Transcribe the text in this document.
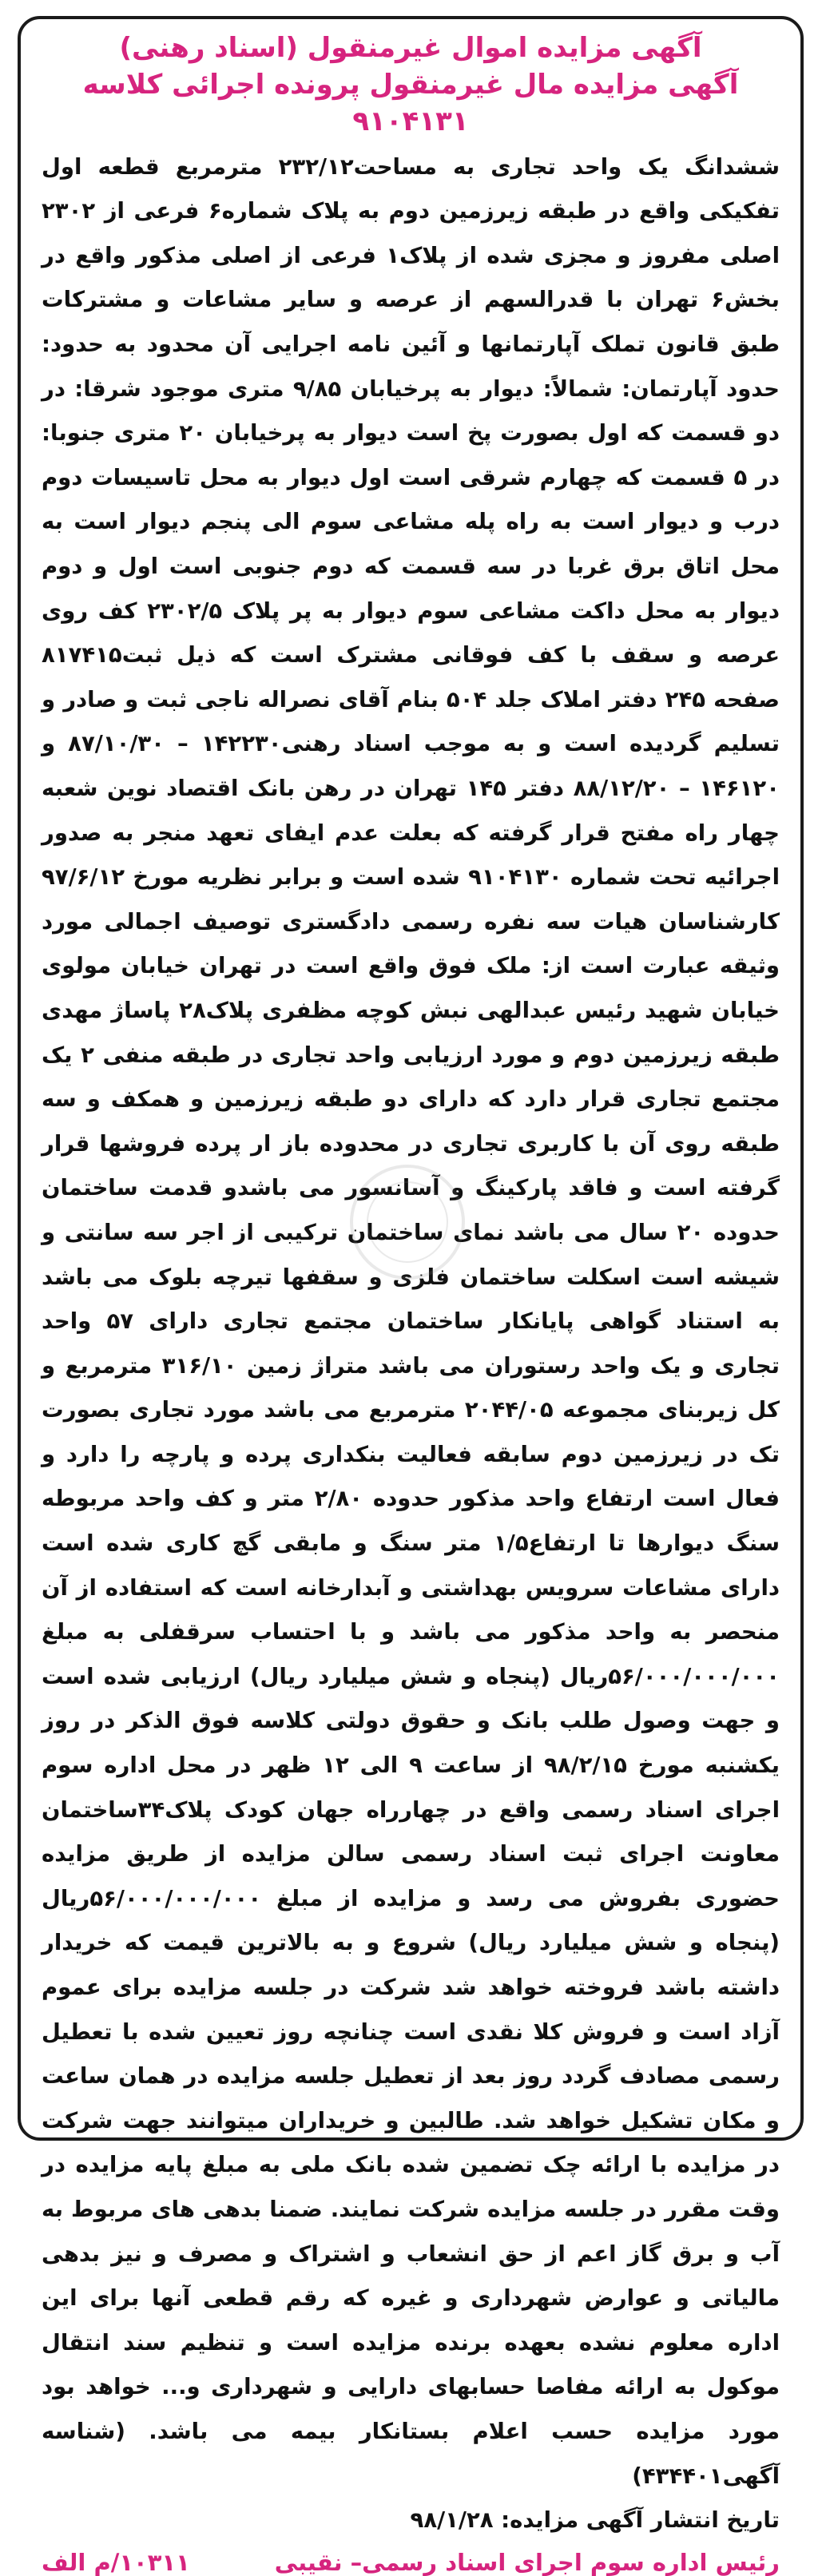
آگهی مزایده اموال غیرمنقول (اسناد رهنی)
آگهی مزایده مال غیرمنقول پرونده اجرائی کلاسه ۹۱۰۴۱۳۱

ششدانگ یک واحد تجاری به مساحت۲۳۲/۱۲ مترمربع قطعه اول تفکیکی واقع در طبقه زیرزمین دوم به پلاک شماره۶ فرعی از ۲۳۰۲ اصلی مفروز و مجزی شده از پلاک۱ فرعی از اصلی مذکور واقع در بخش۶ تهران با قدرالسهم از عرصه و سایر مشاعات و مشترکات طبق قانون تملک آپارتمانها و آئین نامه اجرایی آن محدود به حدود: حدود آپارتمان: شمالاً: دیوار به پرخیابان ۹/۸۵ متری موجود شرقا: در دو قسمت که اول بصورت پخ است دیوار به پرخیابان ۲۰ متری جنوبا: در ۵ قسمت که چهارم شرقی است اول دیوار به محل تاسیسات دوم درب و دیوار است به راه پله مشاعی سوم الی پنجم دیوار است به محل اتاق برق غربا در سه قسمت که دوم جنوبی است اول و دوم دیوار به محل داکت مشاعی سوم دیوار به پر پلاک ۲۳۰۲/۵ کف روی عرصه و سقف با کف فوقانی مشترک است که ذیل ثبت۸۱۷۴۱۵ صفحه ۲۴۵ دفتر املاک جلد ۵۰۴ بنام آقای نصراله ناجی ثبت و صادر و تسلیم گردیده است و به موجب اسناد رهنی۱۴۲۲۳۰ – ۸۷/۱۰/۳۰ و ۱۴۶۱۲۰ – ۸۸/۱۲/۲۰ دفتر ۱۴۵ تهران در رهن بانک اقتصاد نوین شعبه چهار راه مفتح قرار گرفته که بعلت عدم ایفای تعهد منجر به صدور اجرائیه تحت شماره ۹۱۰۴۱۳۰ شده است و برابر نظریه مورخ ۹۷/۶/۱۲ کارشناسان هیات سه نفره رسمی دادگستری توصیف اجمالی مورد وثیقه عبارت است از: ملک فوق واقع است در تهران خیابان مولوی خیابان شهید رئیس عبدالهی نبش کوچه مظفری پلاک۲۸ پاساژ مهدی طبقه زیرزمین دوم و مورد ارزیابی واحد تجاری در طبقه منفی ۲ یک مجتمع تجاری قرار دارد که دارای دو طبقه زیرزمین و همکف و سه طبقه روی آن با کاربری تجاری در محدوده باز ار پرده فروشها قرار گرفته است و فاقد پارکینگ و آسانسور می باشدو قدمت ساختمان حدوده ۲۰ سال می باشد نمای ساختمان ترکیبی از اجر سه سانتی و شیشه است اسکلت ساختمان فلزی و سقفها تیرچه بلوک می باشد به استناد گواهی پایانکار ساختمان مجتمع تجاری دارای ۵۷ واحد تجاری و یک واحد رستوران می باشد متراژ زمین ۳۱۶/۱۰ مترمربع و کل زیربنای مجموعه ۲۰۴۴/۰۵ مترمربع می باشد مورد تجاری بصورت تک در زیرزمین دوم سابقه فعالیت بنکداری پرده و پارچه را دارد و فعال است ارتفاع واحد مذکور حدوده ۲/۸۰ متر و کف واحد مربوطه سنگ دیوارها تا ارتفاع۱/۵ متر سنگ و مابقی گچ کاری شده است دارای مشاعات سرویس بهداشتی و آبدارخانه است که استفاده از آن منحصر به واحد مذکور می باشد و با احتساب سرقفلی به مبلغ ۵۶/۰۰۰/۰۰۰/۰۰۰ریال (پنجاه و شش میلیارد ریال) ارزیابی شده است و جهت وصول طلب بانک و حقوق دولتی کلاسه فوق الذکر در روز یکشنبه مورخ ۹۸/۲/۱۵ از ساعت ۹ الی ۱۲ ظهر در محل اداره سوم اجرای اسناد رسمی واقع در چهارراه جهان کودک پلاک۳۴ساختمان معاونت اجرای ثبت اسناد رسمی سالن مزایده از طریق مزایده حضوری بفروش می رسد و مزایده از مبلغ ۵۶/۰۰۰/۰۰۰/۰۰۰ریال (پنجاه و شش میلیارد ریال) شروع و به بالاترین قیمت که خریدار داشته باشد فروخته خواهد شد شرکت در جلسه مزایده برای عموم آزاد است و فروش کلا نقدی است چنانچه روز تعیین شده با تعطیل رسمی مصادف گردد روز بعد از تعطیل جلسه مزایده در همان ساعت و مکان تشکیل خواهد شد. طالبین و خریداران میتوانند جهت شرکت در مزایده با ارائه چک تضمین شده بانک ملی به مبلغ پایه مزایده در وقت مقرر در جلسه مزایده شرکت نمایند. ضمنا بدهی های مربوط به آب و برق گاز اعم از حق انشعاب و اشتراک و مصرف و نیز بدهی مالیاتی و عوارض شهرداری و غیره که رقم قطعی آنها برای این اداره معلوم نشده بعهده برنده مزایده است و تنظیم سند انتقال موکول به ارائه مفاصا حسابهای دارایی و شهرداری و... خواهد بود مورد مزایده حسب اعلام بستانکار بیمه می باشد. (شناسه آگهی۴۳۴۴۰۱)

تاریخ انتشار آگهی مزایده: ۹۸/۱/۲۸

رئیس اداره سوم اجرای اسناد رسمی– نقیبی
۱۰۳۱۱/م الف
